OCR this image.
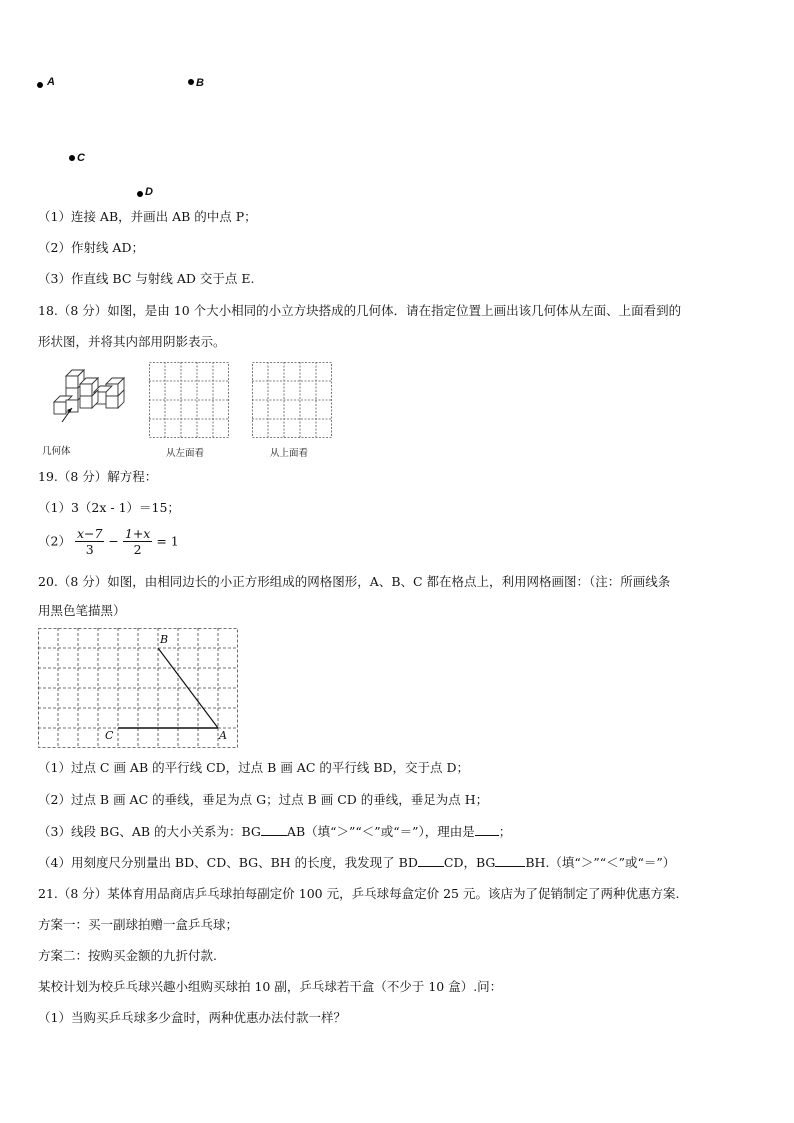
A	B
C
D
（1）连接 AB，并画出 AB 的中点 P；
（2）作射线 AD；
（3）作直线 BC 与射线 AD 交于点 E.
18.（8 分）如图，是由 10 个大小相同的小立方块搭成的几何体．请在指定位置上画出该几何体从左面、上面看到的
形状图，并将其内部用阴影表示。
几何体	从左面看	从上面看
19.（8 分）解方程：
（1）3（2x - 1）＝15；
$(2) \frac{x-7}{3} - \frac{1+x}{2} = 1$
20.（8 分）如图，由相同边长的小正方形组成的网格图形，A、B、C 都在格点上，利用网格画图：（注：所画线条
用黑色笔描黑）
B
C	A
（1）过点 C 画 AB 的平行线 CD，过点 B 画 AC 的平行线 BD，交于点 D；
（2）过点 B 画 AC 的垂线，垂足为点 G；过点 B 画 CD 的垂线，垂足为点 H；
（3）线段 BG、AB 的大小关系为：BG AB（填“＞”“＜”或“＝”），理由是 ；
（4）用刻度尺分别量出 BD、CD、BG、BH 的长度，我发现了 BD CD，BG BH.（填“＞”“＜”或“＝”）
21.（8 分）某体育用品商店乒乓球拍每副定价 100 元，乒乓球每盒定价 25 元。该店为了促销制定了两种优惠方案.
方案一：买一副球拍赠一盒乒乓球；
方案二：按购买金额的九折付款.
某校计划为校乒乓球兴趣小组购买球拍 10 副，乒乓球若干盒（不少于 10 盒）.问：
（1）当购买乒乓球多少盒时，两种优惠办法付款一样？
